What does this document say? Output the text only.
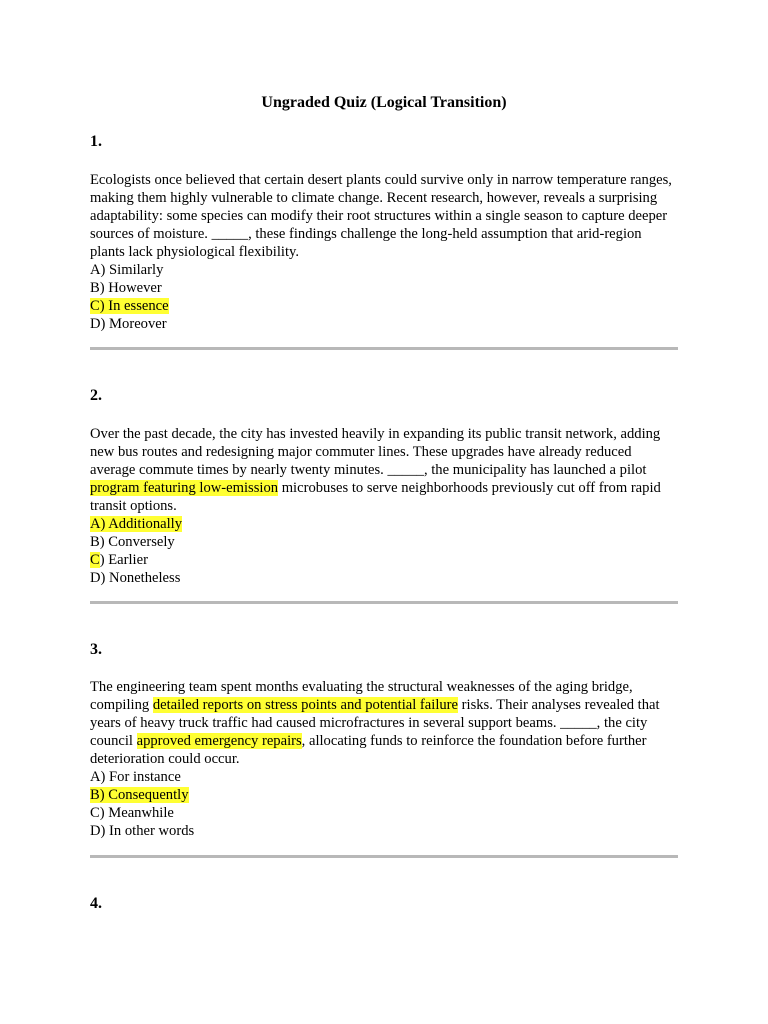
Ungraded Quiz (Logical Transition)

1.

Ecologists once believed that certain desert plants could survive only in narrow temperature ranges, making them highly vulnerable to climate change. Recent research, however, reveals a surprising adaptability: some species can modify their root structures within a single season to capture deeper sources of moisture. _____, these findings challenge the long-held assumption that arid-region plants lack physiological flexibility.

A) Similarly
B) However
C) In essence
D) Moreover

2.

Over the past decade, the city has invested heavily in expanding its public transit network, adding new bus routes and redesigning major commuter lines. These upgrades have already reduced average commute times by nearly twenty minutes. _____, the municipality has launched a pilot program featuring low-emission microbuses to serve neighborhoods previously cut off from rapid transit options.

A) Additionally
B) Conversely
C) Earlier
D) Nonetheless

3.

The engineering team spent months evaluating the structural weaknesses of the aging bridge, compiling detailed reports on stress points and potential failure risks. Their analyses revealed that years of heavy truck traffic had caused microfractures in several support beams. _____, the city council approved emergency repairs, allocating funds to reinforce the foundation before further deterioration could occur.

A) For instance
B) Consequently
C) Meanwhile
D) In other words

4.
